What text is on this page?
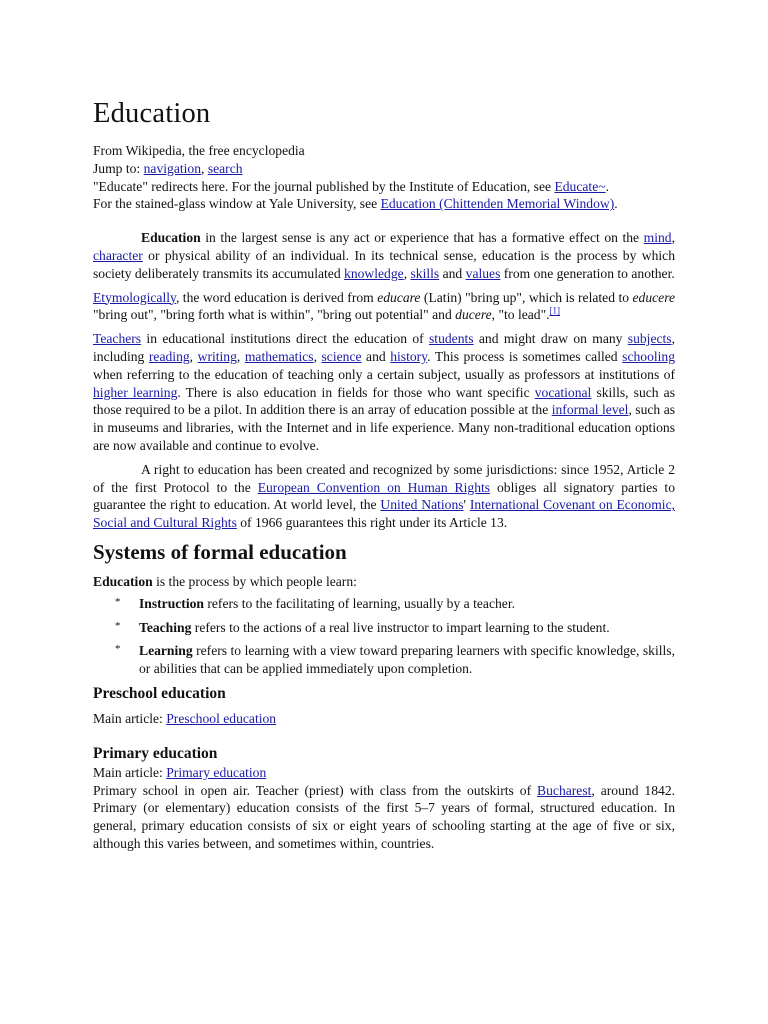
Education

From Wikipedia, the free encyclopedia

Jump to: navigation, search

"Educate" redirects here. For the journal published by the Institute of Education, see Educate~.

For the stained-glass window at Yale University, see Education (Chittenden Memorial Window).

Education in the largest sense is any act or experience that has a formative effect on the mind, character or physical ability of an individual. In its technical sense, education is the process by which society deliberately transmits its accumulated knowledge, skills and values from one generation to another.

Etymologically, the word education is derived from educare (Latin) "bring up", which is related to educere "bring out", "bring forth what is within", "bring out potential" and ducere, "to lead".[1]

Teachers in educational institutions direct the education of students and might draw on many subjects, including reading, writing, mathematics, science and history. This process is sometimes called schooling when referring to the education of teaching only a certain subject, usually as professors at institutions of higher learning. There is also education in fields for those who want specific vocational skills, such as those required to be a pilot. In addition there is an array of education possible at the informal level, such as in museums and libraries, with the Internet and in life experience. Many non-traditional education options are now available and continue to evolve.

A right to education has been created and recognized by some jurisdictions: since 1952, Article 2 of the first Protocol to the European Convention on Human Rights obliges all signatory parties to guarantee the right to education. At world level, the United Nations' International Covenant on Economic, Social and Cultural Rights of 1966 guarantees this right under its Article 13.

Systems of formal education

Education is the process by which people learn:

* Instruction refers to the facilitating of learning, usually by a teacher.
* Teaching refers to the actions of a real live instructor to impart learning to the student.
* Learning refers to learning with a view toward preparing learners with specific knowledge, skills, or abilities that can be applied immediately upon completion.
Preschool education

Main article: Preschool education

Primary education

Main article: Primary education

Primary school in open air. Teacher (priest) with class from the outskirts of Bucharest, around 1842. Primary (or elementary) education consists of the first 5–7 years of formal, structured education. In general, primary education consists of six or eight years of schooling starting at the age of five or six, although this varies between, and sometimes within, countries.
